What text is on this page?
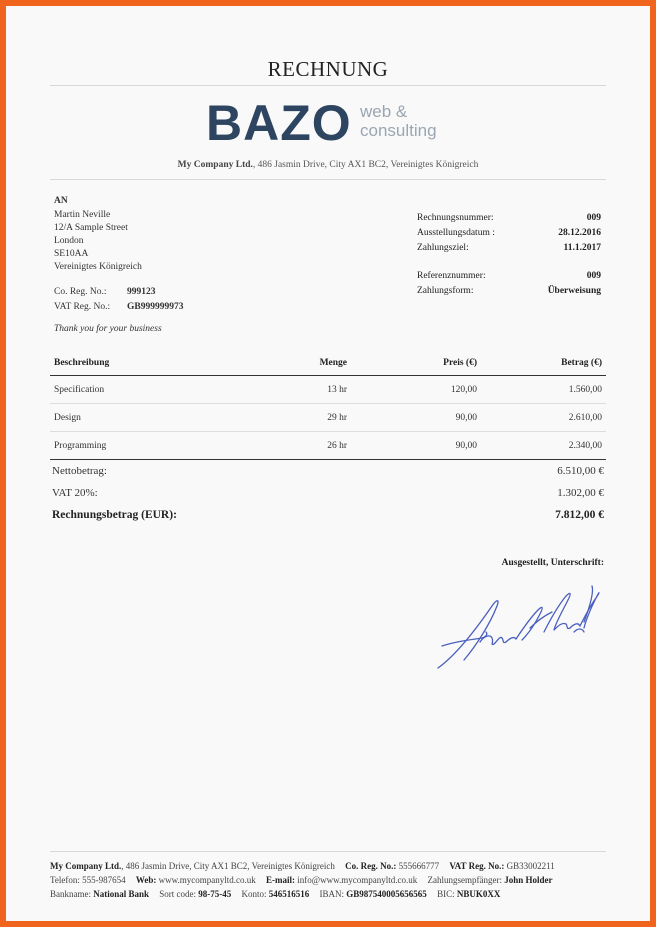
RECHNUNG
BAZO web &
consulting
My Company Ltd., 486 Jasmin Drive, City AX1 BC2, Vereinigtes Königreich
AN
Martin Neville
12/A Sample Street
London
SE10AA
Vereinigtes Königreich
Co. Reg. No.: 999123
VAT Reg. No.: GB999999973
Thank you for your business
Rechnungsnummer:	009
Ausstellungsdatum :	28.12.2016
Zahlungsziel:	11.1.2017
Referenznummer:	009
Zahlungsform:	Überweisung
Beschreibung	Menge	Preis (€)	Betrag (€)
Specification	13 hr	120,00	1.560,00
Design	29 hr	90,00	2.610,00
Programming	26 hr	90,00	2.340,00
Nettobetrag:	6.510,00 €
VAT 20%:	1.302,00 €
Rechnungsbetrag (EUR):	7.812,00 €
Ausgestellt, Unterschrift:
My Company Ltd., 486 Jasmin Drive, City AX1 BC2, Vereinigtes Königreich Co. Reg. No.: 555666777 VAT Reg. No.: GB33002211
Telefon: 555-987654 Web: www.mycompanyltd.co.uk E-mail: info@www.mycompanyltd.co.uk Zahlungsempfänger: John Holder
Bankname: National Bank Sort code: 98-75-45 Konto: 546516516 IBAN: GB987540005656565 BIC: NBUK0XX
